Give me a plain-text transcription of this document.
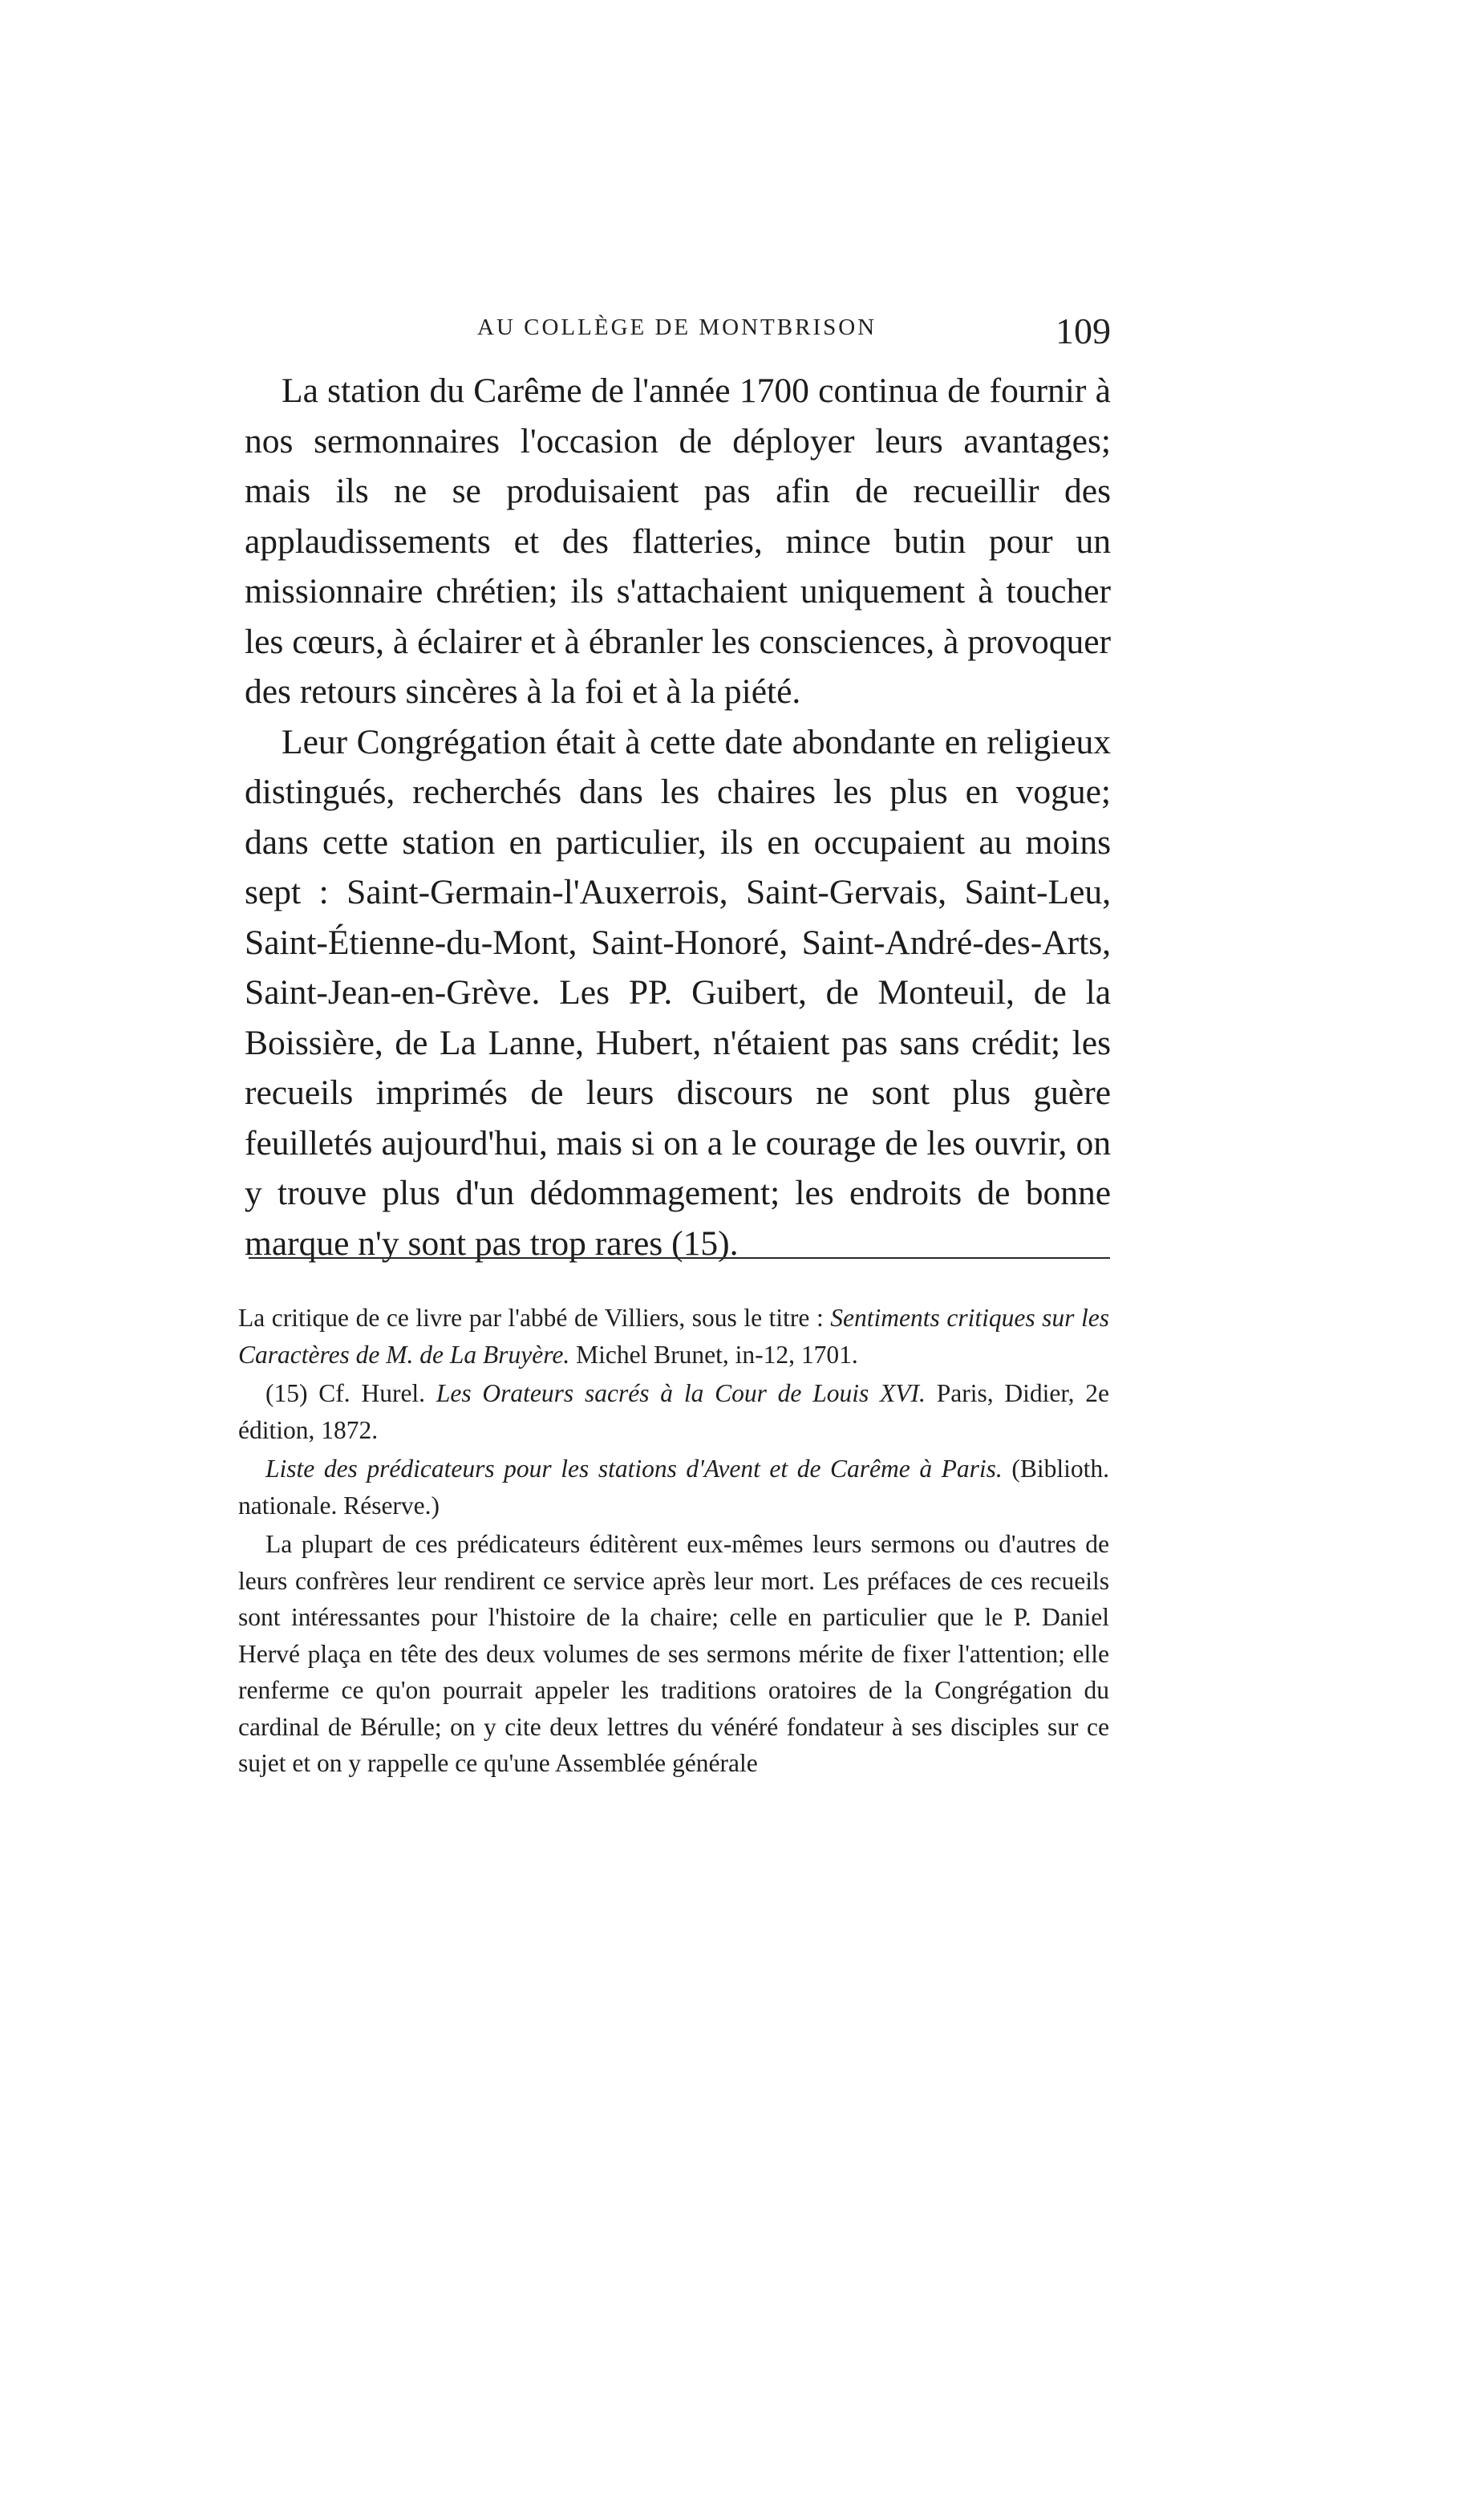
AU COLLÈGE DE MONTBRISON	109

La station du Carême de l'année 1700 continua de fournir à nos sermonnaires l'occasion de déployer leurs avantages; mais ils ne se produisaient pas afin de recueillir des applaudissements et des flatteries, mince butin pour un missionnaire chrétien; ils s'attachaient uniquement à toucher les cœurs, à éclairer et à ébranler les consciences, à provoquer des retours sincères à la foi et à la piété.

Leur Congrégation était à cette date abondante en religieux distingués, recherchés dans les chaires les plus en vogue; dans cette station en particulier, ils en occupaient au moins sept : Saint-Germain-l'Auxerrois, Saint-Gervais, Saint-Leu, Saint-Étienne-du-Mont, Saint-Honoré, Saint-André-des-Arts, Saint-Jean-en-Grève. Les PP. Guibert, de Monteuil, de la Boissière, de La Lanne, Hubert, n'étaient pas sans crédit; les recueils imprimés de leurs discours ne sont plus guère feuilletés aujourd'hui, mais si on a le courage de les ouvrir, on y trouve plus d'un dédommagement; les endroits de bonne marque n'y sont pas trop rares (15).

La critique de ce livre par l'abbé de Villiers, sous le titre : Sentiments critiques sur les Caractères de M. de La Bruyère. Michel Brunet, in-12, 1701.

(15) Cf. Hurel. Les Orateurs sacrés à la Cour de Louis XVI. Paris, Didier, 2e édition, 1872.

Liste des prédicateurs pour les stations d'Avent et de Carême à Paris. (Biblioth. nationale. Réserve.)

La plupart de ces prédicateurs éditèrent eux-mêmes leurs sermons ou d'autres de leurs confrères leur rendirent ce service après leur mort. Les préfaces de ces recueils sont intéressantes pour l'histoire de la chaire; celle en particulier que le P. Daniel Hervé plaça en tête des deux volumes de ses sermons mérite de fixer l'attention; elle renferme ce qu'on pourrait appeler les traditions oratoires de la Congrégation du cardinal de Bérulle; on y cite deux lettres du vénéré fondateur à ses disciples sur ce sujet et on y rappelle ce qu'une Assemblée générale
